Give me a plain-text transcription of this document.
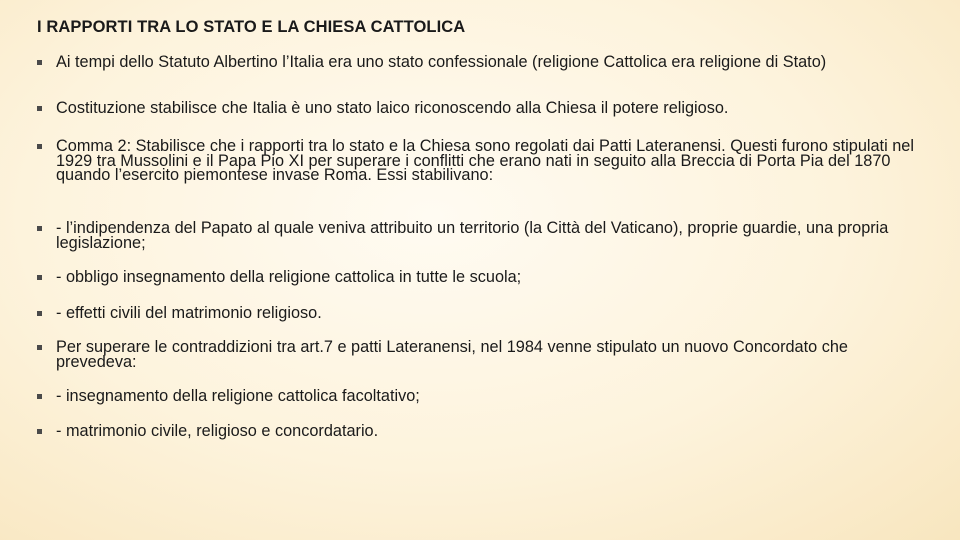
I RAPPORTI TRA LO STATO E LA CHIESA CATTOLICA
Ai tempi dello Statuto Albertino l’Italia era uno stato confessionale (religione Cattolica era religione di Stato)
Costituzione stabilisce che Italia è uno stato laico riconoscendo alla Chiesa il potere religioso.
Comma 2: Stabilisce che i rapporti tra lo stato e la Chiesa sono regolati dai Patti Lateranensi. Questi furono stipulati nel 1929 tra Mussolini e il Papa Pio XI per superare i conflitti che erano nati in seguito alla Breccia di Porta Pia del 1870 quando l’esercito piemontese invase Roma. Essi stabilivano:
- l’indipendenza del Papato al quale veniva attribuito un territorio (la Città del Vaticano), proprie guardie, una propria legislazione;
- obbligo insegnamento della religione cattolica in tutte le scuola;
- effetti civili del matrimonio religioso.
Per superare le contraddizioni tra art.7 e patti Lateranensi, nel 1984 venne stipulato un nuovo Concordato che prevedeva:
- insegnamento della religione cattolica facoltativo;
- matrimonio civile, religioso e concordatario.
